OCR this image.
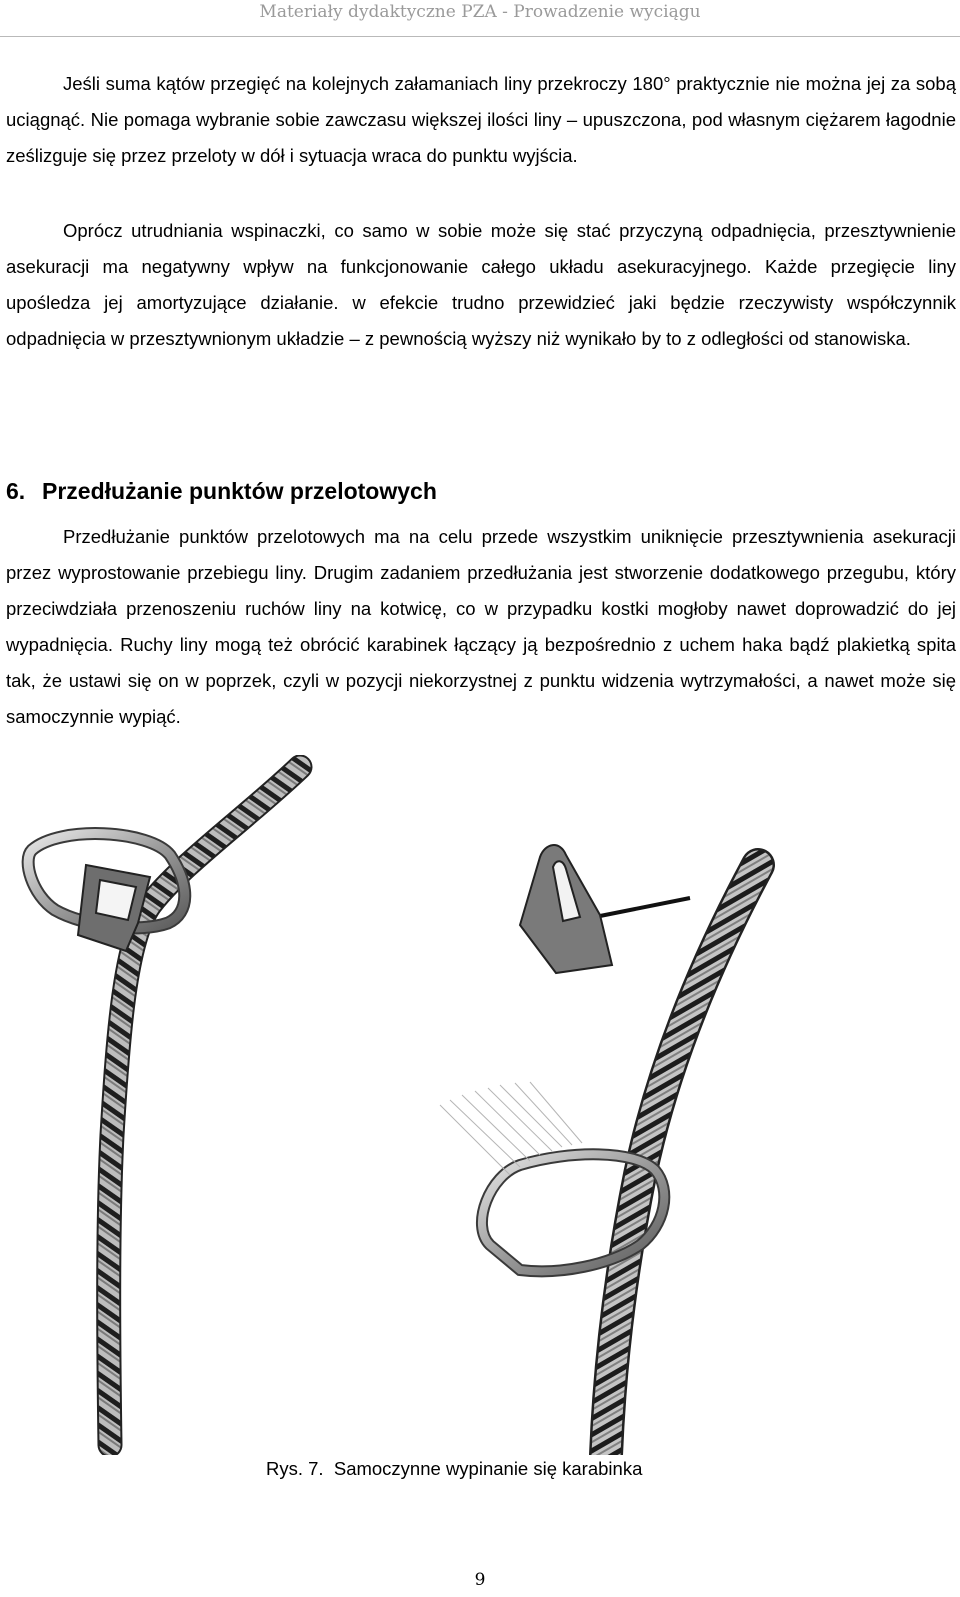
Materiały dydaktyczne PZA - Prowadzenie wyciągu

Jeśli suma kątów przegięć na kolejnych załamaniach liny przekroczy 180° praktycznie nie można jej za sobą uciągnąć. Nie pomaga wybranie sobie zawczasu większej ilości liny – upuszczona, pod własnym ciężarem łagodnie ześlizguje się przez przeloty w dół i sytuacja wraca do punktu wyjścia.

Oprócz utrudniania wspinaczki, co samo w sobie może się stać przyczyną odpadnięcia, przesztywnienie asekuracji ma negatywny wpływ na funkcjonowanie całego układu asekuracyjnego. Każde przegięcie liny upośledza jej amortyzujące działanie. w efekcie trudno przewidzieć jaki będzie rzeczywisty współczynnik odpadnięcia w przesztywnionym układzie – z pewnością wyższy niż wynikało by to z odległości od stanowiska.

6. Przedłużanie punktów przelotowych

Przedłużanie punktów przelotowych ma na celu przede wszystkim uniknięcie przesztywnienia asekuracji przez wyprostowanie przebiegu liny. Drugim zadaniem przedłużania jest stworzenie dodatkowego przegubu, który przeciwdziała przenoszeniu ruchów liny na kotwicę, co w przypadku kostki mogłoby nawet doprowadzić do jej wypadnięcia. Ruchy liny mogą też obrócić karabinek łączący ją bezpośrednio z uchem haka bądź plakietką spita tak, że ustawi się on w poprzek, czyli w pozycji niekorzystnej z punktu widzenia wytrzymałości, a nawet może się samoczynnie wypiąć.

Rys. 7. Samoczynne wypinanie się karabinka
9
